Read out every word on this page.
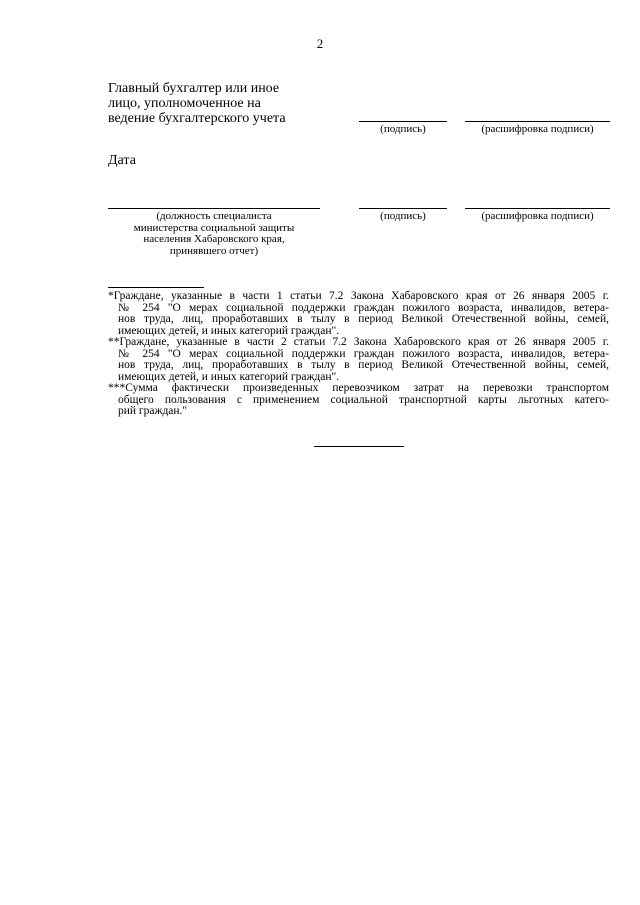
2
Главный бухгалтер или иное
лицо, уполномоченное на
ведение бухгалтерского учета
(подпись)	(расшифровка подписи)
Дата
(должность специалиста
министерства социальной защиты
населения Хабаровского края,
принявшего отчет)
(подпись)	(расшифровка подписи)
*Граждане, указанные в части 1 статьи 7.2 Закона Хабаровского края от 26 января 2005 г.
№ 254 "О мерах социальной поддержки граждан пожилого возраста, инвалидов, ветера-
нов труда, лиц, проработавших в тылу в период Великой Отечественной войны, семей,
имеющих детей, и иных категорий граждан".
**Граждане, указанные в части 2 статьи 7.2 Закона Хабаровского края от 26 января 2005 г.
№ 254 "О мерах социальной поддержки граждан пожилого возраста, инвалидов, ветера-
нов труда, лиц, проработавших в тылу в период Великой Отечественной войны, семей,
имеющих детей, и иных категорий граждан".
***Сумма фактически произведенных перевозчиком затрат на перевозки транспортом
общего пользования с применением социальной транспортной карты льготных катего-
рий граждан."
